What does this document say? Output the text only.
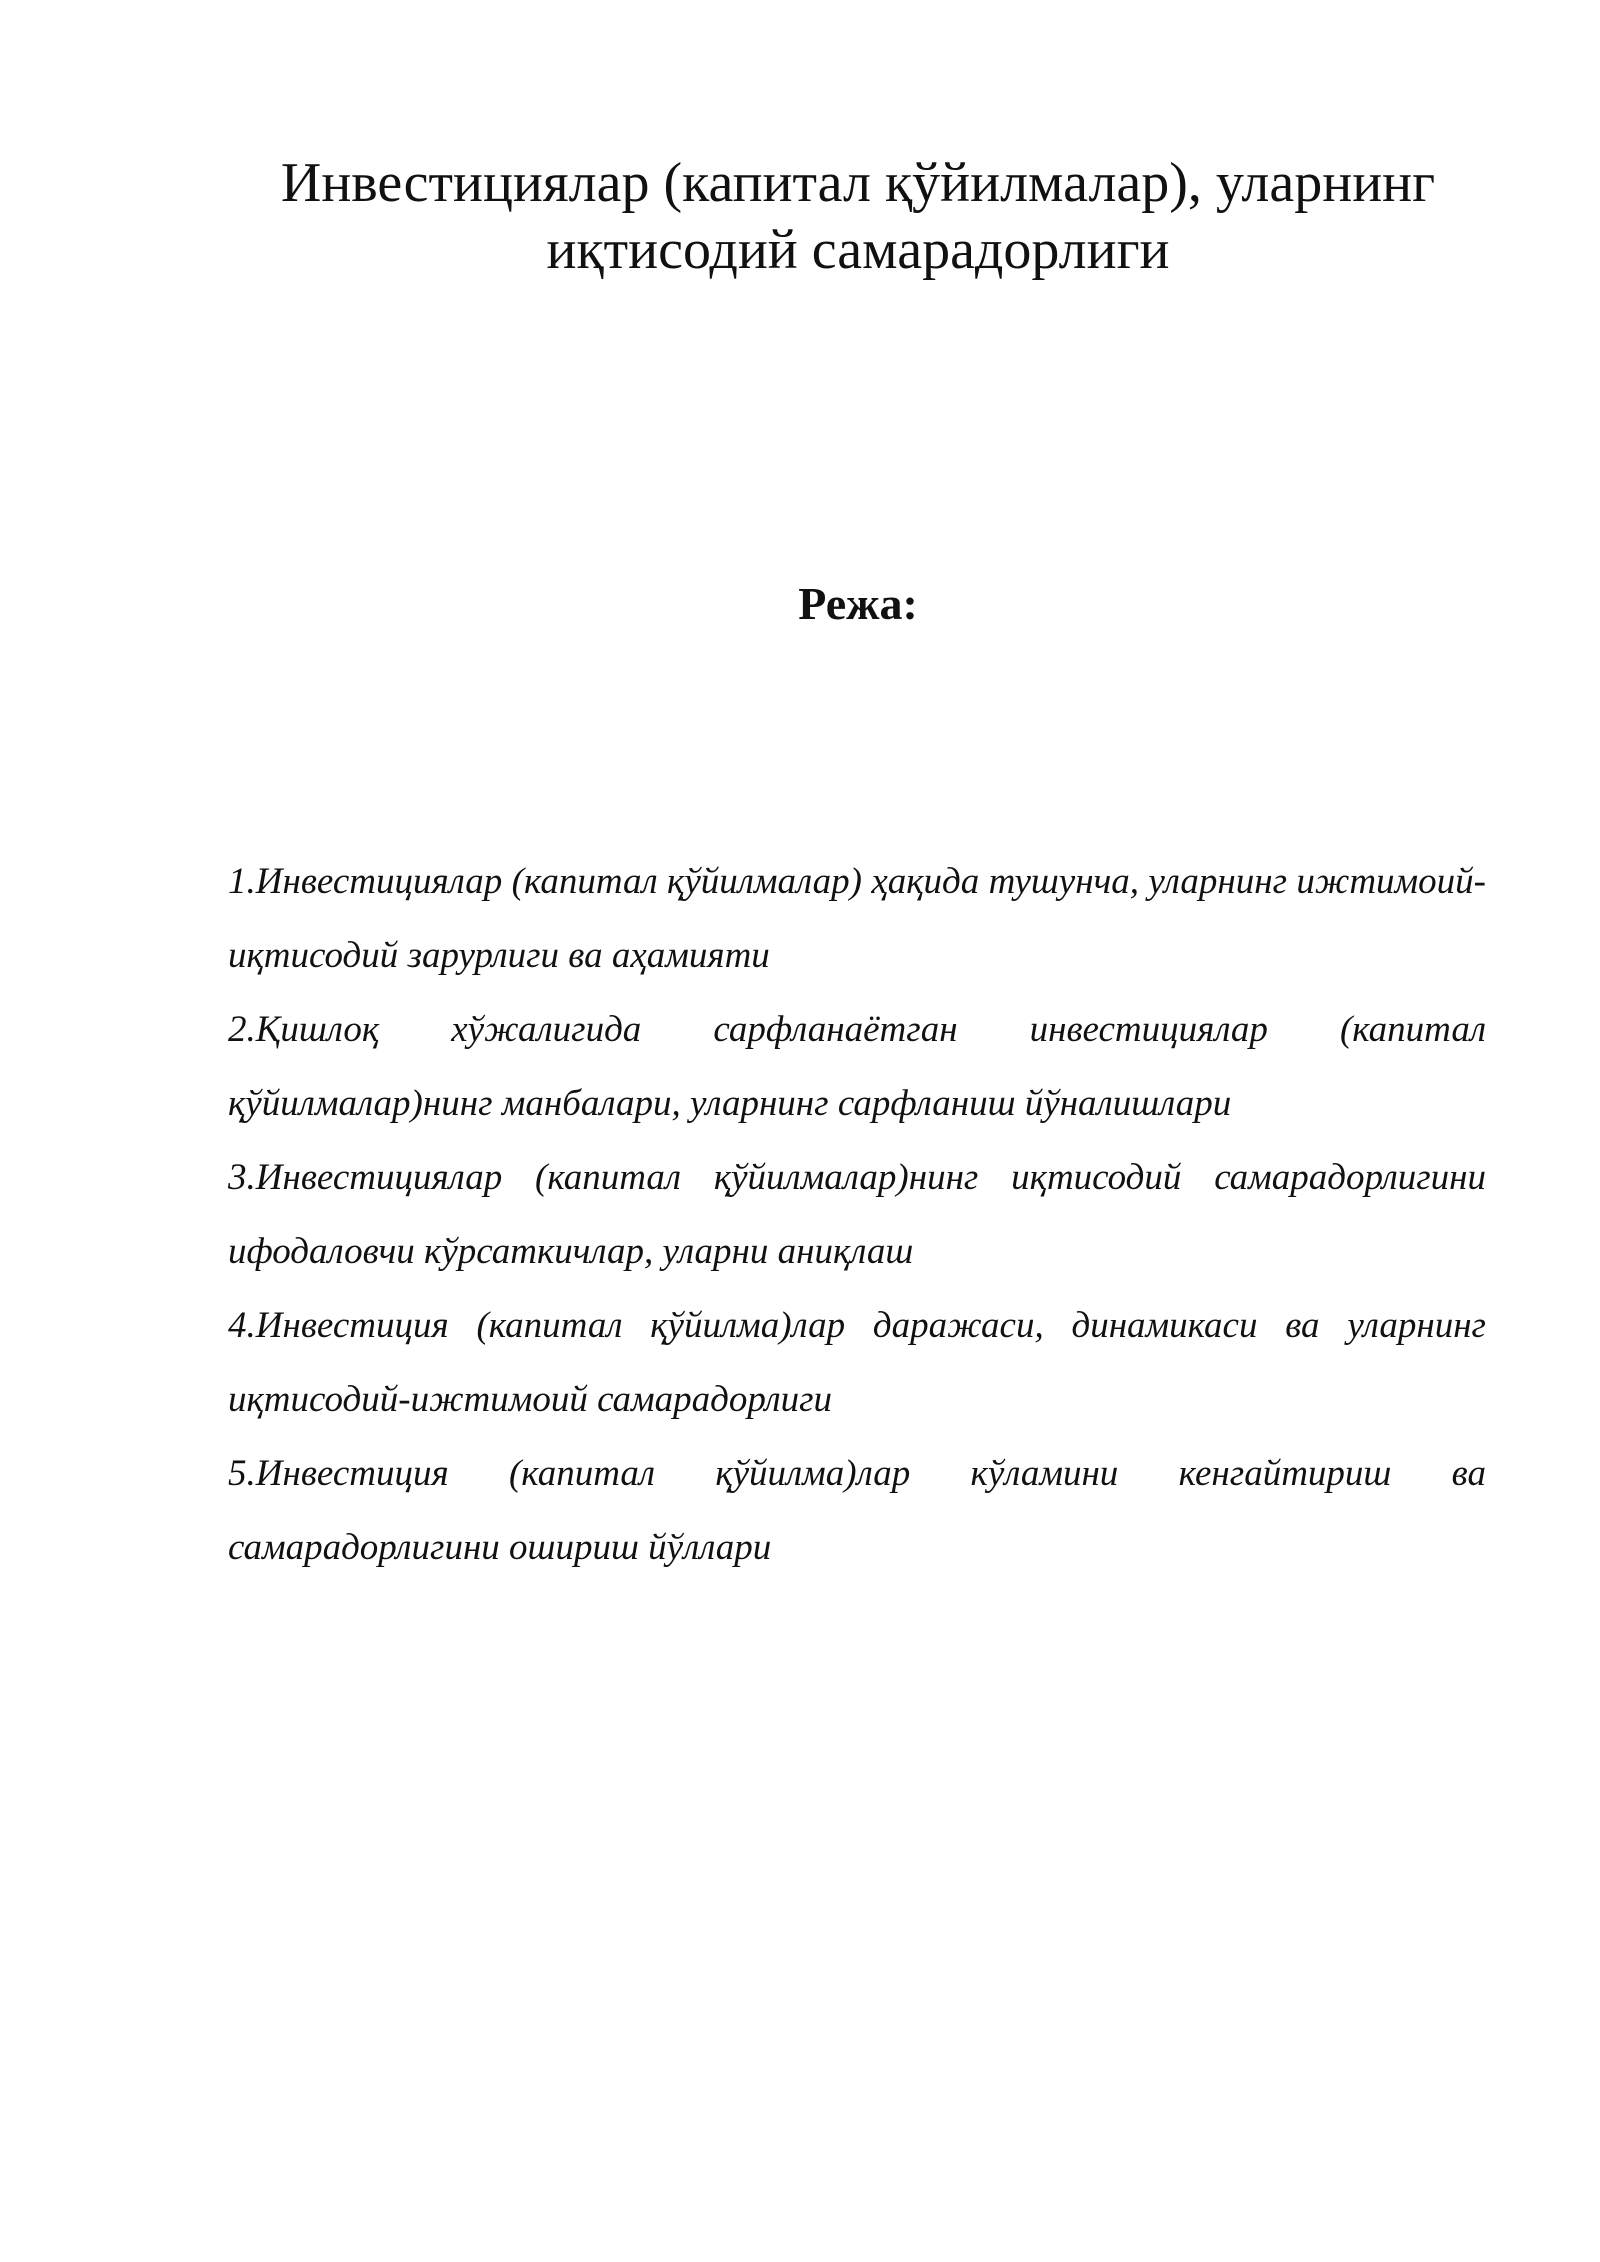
Инвестициялар (капитал қўйилмалар), уларнинг
иқтисодий самарадорлиги
Режа:
1.Инвестициялар (капитал қўйилмалар) ҳақида тушунча, уларнинг ижтимоий-иқтисодий зарурлиги ва аҳамияти
2.Қишлоқ хўжалигида сарфланаётган инвестициялар (капитал қўйилмалар)нинг манбалари, уларнинг сарфланиш йўналишлари
3.Инвестициялар (капитал қўйилмалар)нинг иқтисодий самарадорлигини ифодаловчи кўрсаткичлар, уларни аниқлаш
4.Инвестиция (капитал қўйилма)лар даражаси, динамикаси ва уларнинг иқтисодий-ижтимоий самарадорлиги
5.Инвестиция (капитал қўйилма)лар кўламини кенгайтириш ва самарадорлигини ошириш йўллари
